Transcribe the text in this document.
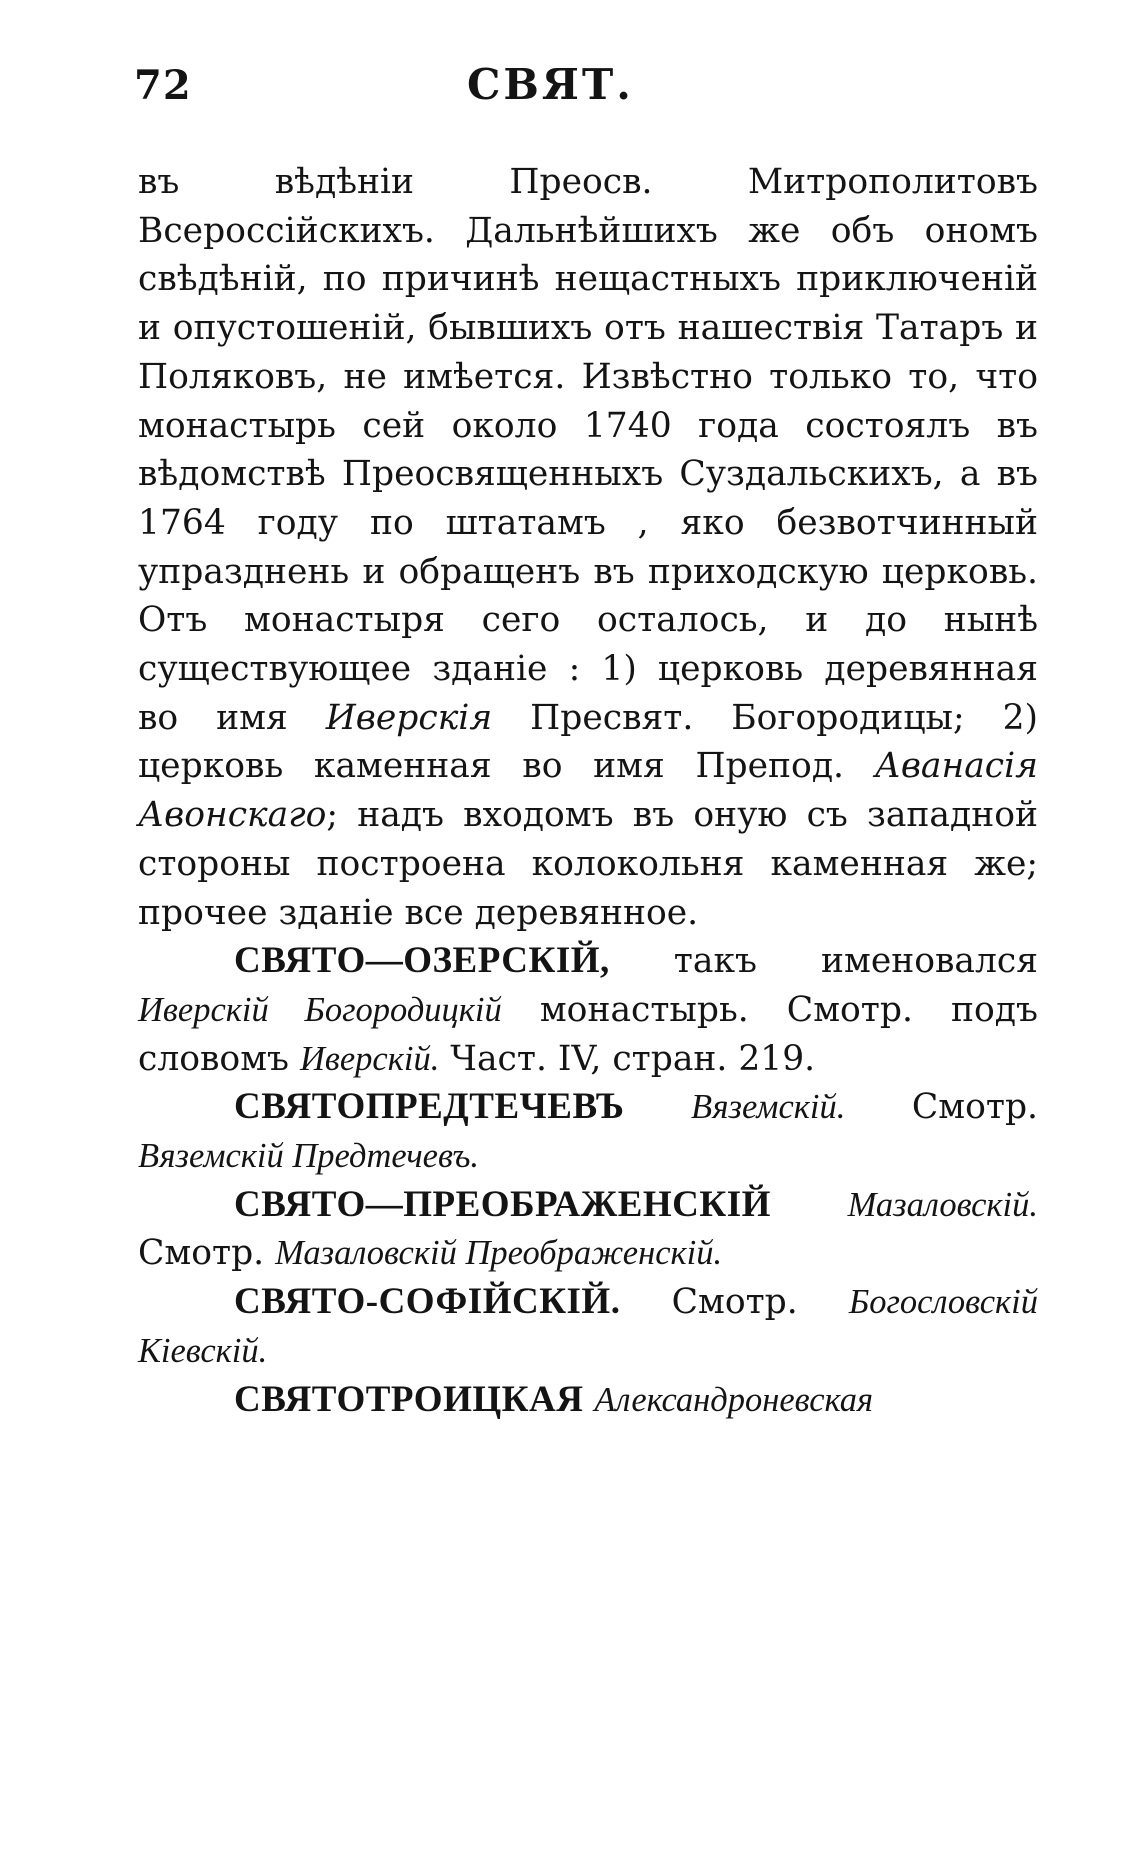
72	СВЯТ.

въ вѣдѣніи Преосв. Митрополитовъ Всероссійскихъ. Дальнѣйшихъ же объ ономъ свѣдѣній, по причинѣ нещастныхъ приключеній и опустошеній, бывшихъ отъ нашествія Татаръ и Поляковъ, не имѣется. Извѣстно только то, что монастырь сей около 1740 года состоялъ въ вѣдомствѣ Преосвященныхъ Суздальскихъ, а въ 1764 году по штатамъ , яко безвотчинный упразднень и обращенъ въ приходскую церковь. Отъ монастыря сего осталось, и до нынѣ существующее зданіе : 1) церковь деревянная во имя Иверскія Пресвят. Богородицы; 2) церковь каменная во имя Препод. Аванасія Авонскаго; надъ входомъ въ оную съ западной стороны построена колокольня каменная же; прочее зданіе все деревянное.

СВЯТО—ОЗЕРСКІЙ, такъ именовался Иверскій Богородицкій монастырь. Смотр. подъ словомъ Иверскій. Част. IV, стран. 219.

СВЯТОПРЕДТЕЧЕВЪ Вяземскій. Смотр. Вяземскій Предтечевъ.

СВЯТО—ПРЕОБРАЖЕНСКІЙ Мазаловскій. Смотр. Мазаловскій Преображенскій.

СВЯТО-СОФІЙСКІЙ. Смотр. Богословскій Кіевскій.

СВЯТОТРОИЦКАЯ Александроневская
